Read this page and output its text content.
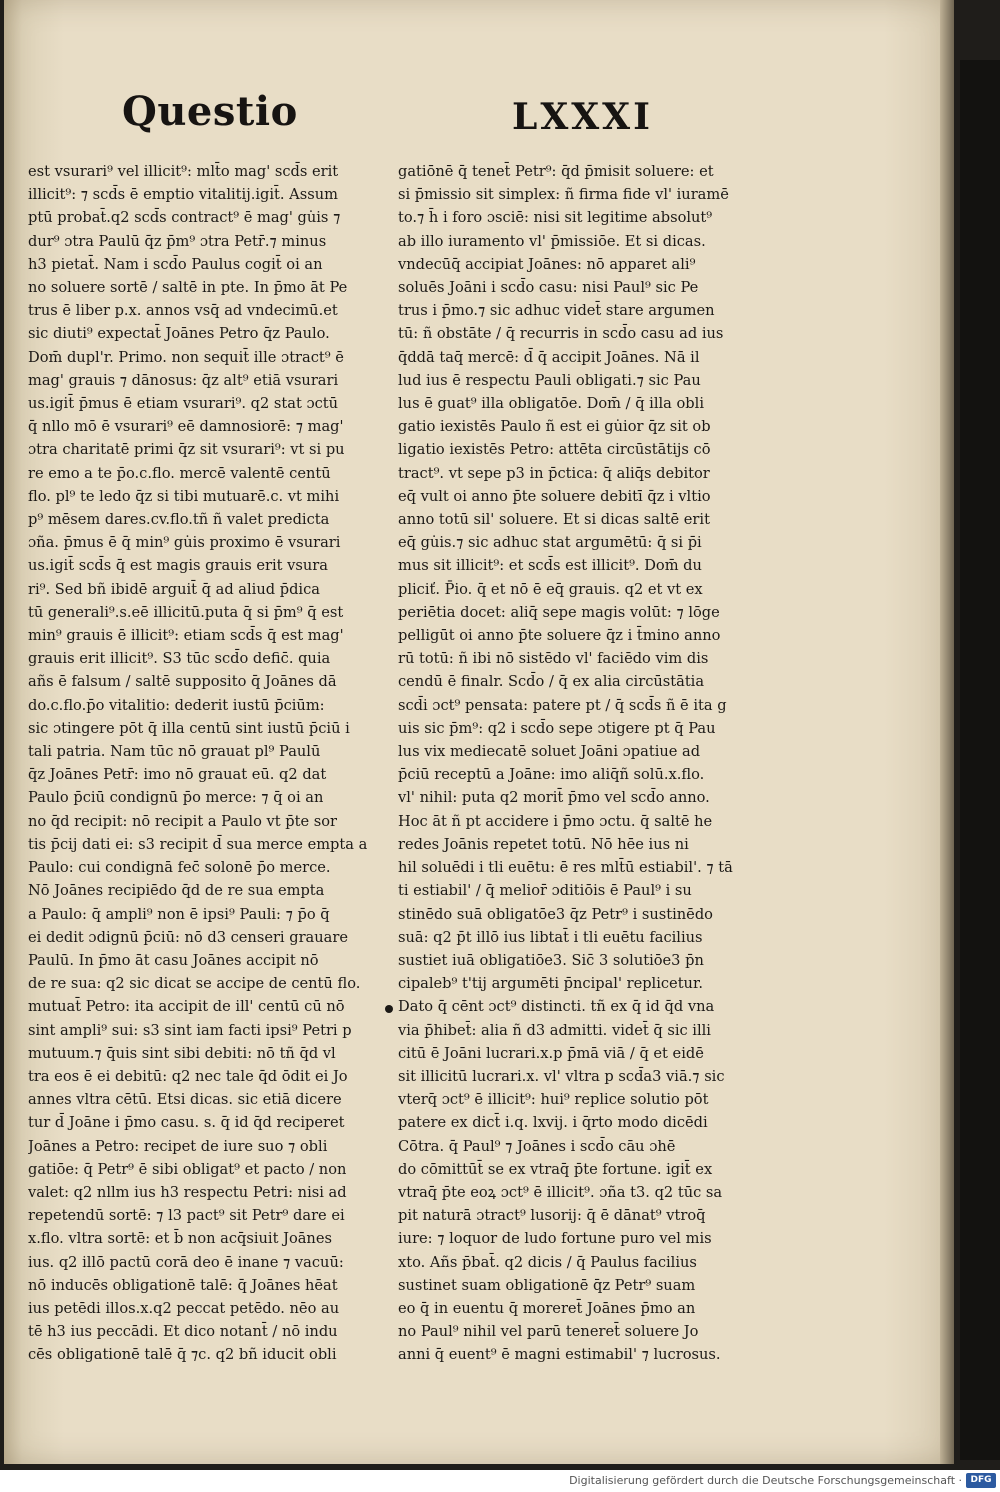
Questio	LXXXI
est vsurari⁹ vel illicit⁹: mlt̄o mag' scd̄s erit
illicit⁹: ⁊ scd̄s ē emptio vitalitij.igit̄. Assum
ptū probat̄.q2 scd̄s contract⁹ ē mag' gu̇is ⁊
dur⁹ ɔtra Paulū q̄z p̄m⁹ ɔtra Petr̄.⁊ minus
h3 pietat̄. Nam i scd̄o Paulus cogit̄ oi an
no soluere sortē / saltē in pte. In p̄mo āt Pe
trus ē liber p.x. annos vsq̄ ad vndecimū.et
sic diuti⁹ expectat̄ Joānes Petro q̄z Paulo.
Dom̄ dupl'r. Primo. non sequit̄ ille ɔtract⁹ ē
mag' grauis ⁊ dānosus: q̄z alt⁹ etiā vsurari
us.igit̄ p̄mus ē etiam vsurari⁹. q2 stat ɔctū
q̄ nllo mō ē vsurari⁹ eē damnosiorē: ⁊ mag'
ɔtra charitatē primi q̄z sit vsurari⁹: vt si pu
re emo a te p̄o.c.flo. mercē valentē centū
flo. pl⁹ te ledo q̄z si tibi mutuarē.c. vt mihi
p⁹ mēsem dares.cv.flo.tñ ñ valet predicta
ɔña. p̄mus ē q̄ min⁹ gu̇is proximo ē vsurari
us.igit̄ scd̄s q̄ est magis grauis erit vsura
ri⁹. Sed bñ ibidē arguit̄ q̄ ad aliud p̄dica
tū generali⁹.s.eē illicitū.puta q̄ si p̄m⁹ q̄ est
min⁹ grauis ē illicit⁹: etiam scd̄s q̄ est mag'
grauis erit illicit⁹. S3 tūc scd̄o defic̄. quia
añs ē falsum / saltē supposito q̄ Joānes dā
do.c.flo.p̄o vitalitio: dederit iustū p̄ciūm:
sic ɔtingere pōt q̄ illa centū sint iustū p̄ciū i
tali patria. Nam tūc nō grauat pl⁹ Paulū
q̄z Joānes Petr̄: imo nō grauat eū. q2 dat
Paulo p̄ciū condignū p̄o merce: ⁊ q̄ oi an
no q̄d recipit: nō recipit a Paulo vt p̄te sor
tis p̄cij dati ei: s3 recipit d̄ sua merce empta a
Paulo: cui condignā fec̄ solonē p̄o merce.
Nō Joānes recipiēdo q̄d de re sua empta
a Paulo: q̄ ampli⁹ non ē ipsi⁹ Pauli: ⁊ p̄o q̄
ei dedit ɔdignū p̄ciū: nō d3 censeri grauare
Paulū. In p̄mo āt casu Joānes accipit nō
de re sua: q2 sic dicat se accipe de centū flo.
mutuat̄ Petro: ita accipit de ill' centū cū nō
sint ampli⁹ sui: s3 sint iam facti ipsi⁹ Petri p
mutuum.⁊ q̄uis sint sibi debiti: nō tñ q̄d vl
tra eos ē ei debitū: q2 nec tale q̄d ōdit ei Jo
annes vltra cētū. Etsi dicas. sic etiā dicere
tur d̄ Joāne i p̄mo casu. s. q̄ id q̄d reciperet
Joānes a Petro: recipet de iure suo ⁊ obli
gatiōe: q̄ Petr⁹ ē sibi obligat⁹ et pacto / non
valet: q2 nllm ius h3 respectu Petri: nisi ad
repetendū sortē: ⁊ l3 pact⁹ sit Petr⁹ dare ei
x.flo. vltra sortē: et b̄ non acq̄siuit Joānes
ius. q2 illō pactū corā deo ē inane ⁊ vacuū:
nō inducēs obligationē talē: q̄ Joānes hēat
ius petēdi illos.x.q2 peccat petēdo. nēo au
tē h3 ius peccādi. Et dico notant̄ / nō indu
cēs obligationē talē q̄ ⁊c. q2 bñ iducit obli
gatiōnē q̄ tenet̄ Petr⁹: q̄d p̄misit soluere: et
si p̄missio sit simplex: ñ firma fide vl' iuramē
to.⁊ h̄ i foro ɔsciē: nisi sit legitime absolut⁹
ab illo iuramento vl' p̄missiōe. Et si dicas.
vndecūq̄ accipiat Joānes: nō apparet ali⁹
soluēs Joāni i scd̄o casu: nisi Paul⁹ sic Pe
trus i p̄mo.⁊ sic adhuc videt̄ stare argumen
tū: ñ obstāte / q̄ recurris in scd̄o casu ad ius
q̄ddā taq̄ mercē: d̄ q̄ accipit Joānes. Nā il
lud ius ē respectu Pauli obligati.⁊ sic Pau
lus ē guat⁹ illa obligatōe. Dom̄ / q̄ illa obli
gatio iexistēs Paulo ñ est ei gu̇ior q̄z sit ob
ligatio iexistēs Petro: attēta circūstātijs cō
tract⁹. vt sepe p3 in p̄ctica: q̄ aliq̄s debitor
eq̄ vult oi anno p̄te soluere debitī q̄z i vltio
anno totū sil' soluere. Et si dicas saltē erit
eq̄ gu̇is.⁊ sic adhuc stat argumētū: q̄ si p̄i
mus sit illicit⁹: et scd̄s est illicit⁹. Dom̄ du
pliciť. P̄io. q̄ et nō ē eq̄ grauis. q2 et vt ex
periētia docet: aliq̄ sepe magis volūt: ⁊ lōge
pelligūt oi anno p̄te soluere q̄z i t̄mino anno
rū totū: ñ ibi nō sistēdo vl' faciēdo vim dis
cendū ē finalr. Scd̄o / q̄ ex alia circūstātia
scd̄i ɔct⁹ pensata: patere pt / q̄ scd̄s ñ ē ita g
uis sic p̄m⁹: q2 i scd̄o sepe ɔtigere pt q̄ Pau
lus vix mediecatē soluet Joāni ɔpatiue ad
p̄ciū receptū a Joāne: imo aliq̄ñ solū.x.flo.
vl' nihil: puta q2 morit̄ p̄mo vel scd̄o anno.
Hoc āt ñ pt accidere i p̄mo ɔctu. q̄ saltē he
redes Joānis repetet totū. Nō hēe ius ni
hil soluēdi i tli euētu: ē res mlt̄ū estiabil'. ⁊ tā
ti estiabil' / q̄ melior̄ ɔditiōis ē Paul⁹ i su
stinēdo suā obligatōe3 q̄z Petr⁹ i sustinēdo
suā: q2 p̄t illō ius libtat̄ i tli euētu facilius
sustiet iuā obligatiōe3. Sic̄ 3 solutiōe3 p̄n
cipaleb⁹ t'tij argumēti p̄ncipal' replicetur.
Dato q̄ cēnt ɔct⁹ distincti. tñ ex q̄ id q̄d vna
via p̄hibet̄: alia ñ d3 admitti. videt̄ q̄ sic illi
citū ē Joāni lucrari.x.p p̄mā viā / q̄ et eidē
sit illicitū lucrari.x. vl' vltra p scd̄a3 viā.⁊ sic
vterq̄ ɔct⁹ ē illicit⁹: hui⁹ replice solutio pōt
patere ex dict̄ i.q. lxvij. i q̄rto modo dicēdi
Cōtra. q̄ Paul⁹ ⁊ Joānes i scd̄o cāu ɔhē
do cōmittūt̄ se ex vtraq̄ p̄te fortune. igit̄ ex
vtraq̄ p̄te eoꝝ ɔct⁹ ē illicit⁹. ɔña t3. q2 tūc sa
pit naturā ɔtract⁹ lusorij: q̄ ē dānat⁹ vtroq̄
iure: ⁊ loquor de ludo fortune puro vel mis
xto. Añs p̄bat̄. q2 dicis / q̄ Paulus facilius
sustinet suam obligationē q̄z Petr⁹ suam
eo q̄ in euentu q̄ moreret̄ Joānes p̄mo an
no Paul⁹ nihil vel parū teneret̄ soluere Jo
anni q̄ euent⁹ ē magni estimabil' ⁊ lucrosus.
Digitalisierung gefördert durch die Deutsche Forschungsgemeinschaft · DFG
